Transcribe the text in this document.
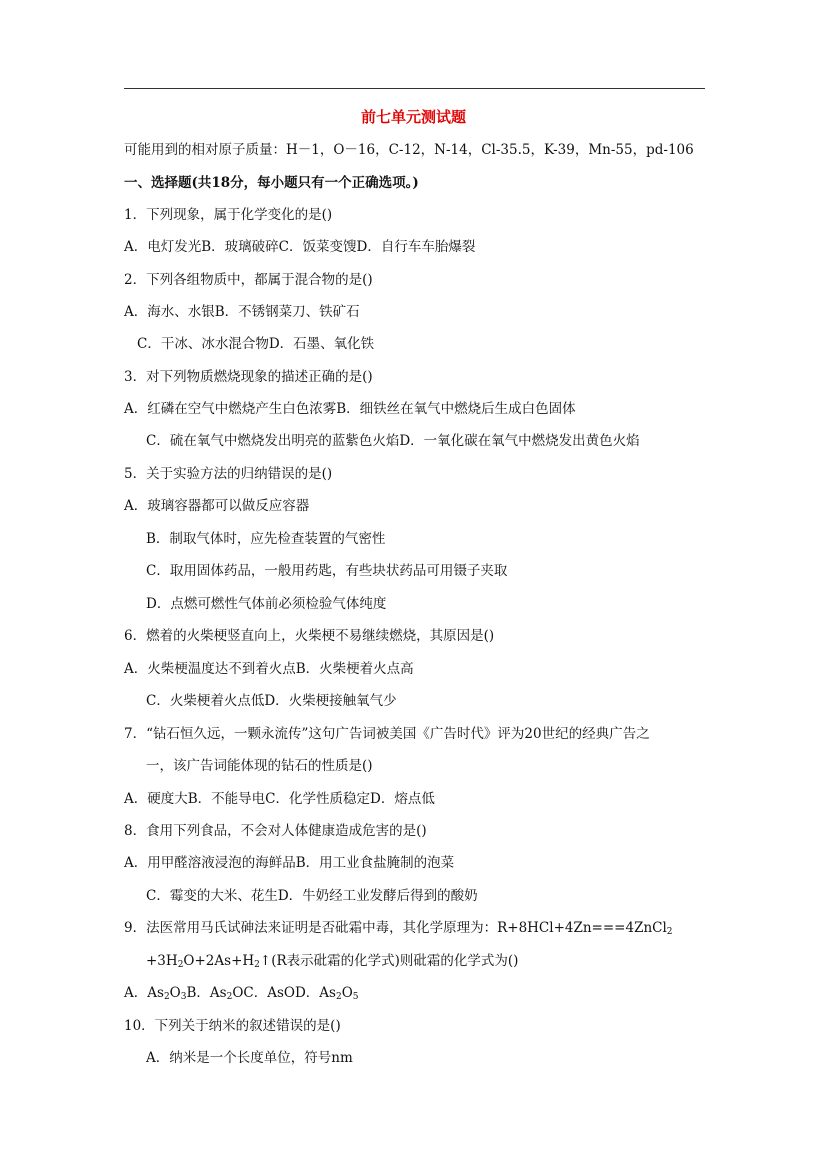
前七单元测试题
可能用到的相对原子质量：H－1，O－16，C-12，N-14，Cl-35.5，K-39，Mn-55，pd-106
一、选择题(共18分，每小题只有一个正确选项。)
1．下列现象，属于化学变化的是()
A．电灯发光B．玻璃破碎C．饭菜变馊D．自行车车胎爆裂
2．下列各组物质中，都属于混合物的是()
A．海水、水银B．不锈钢菜刀、铁矿石
C．干冰、冰水混合物D．石墨、氧化铁
3．对下列物质燃烧现象的描述正确的是()
A．红磷在空气中燃烧产生白色浓雾B．细铁丝在氧气中燃烧后生成白色固体
C．硫在氧气中燃烧发出明亮的蓝紫色火焰D．一氧化碳在氧气中燃烧发出黄色火焰
5．关于实验方法的归纳错误的是()
A．玻璃容器都可以做反应容器
B．制取气体时，应先检查装置的气密性
C．取用固体药品，一般用药匙，有些块状药品可用镊子夹取
D．点燃可燃性气体前必须检验气体纯度
6．燃着的火柴梗竖直向上，火柴梗不易继续燃烧，其原因是()
A．火柴梗温度达不到着火点B．火柴梗着火点高
C．火柴梗着火点低D．火柴梗接触氧气少
7．“钻石恒久远，一颗永流传”这句广告词被美国《广告时代》评为20世纪的经典广告之
一，该广告词能体现的钻石的性质是()
A．硬度大B．不能导电C．化学性质稳定D．熔点低
8．食用下列食品，不会对人体健康造成危害的是()
A．用甲醛溶液浸泡的海鲜品B．用工业食盐腌制的泡菜
C．霉变的大米、花生D．牛奶经工业发酵后得到的酸奶
9．法医常用马氏试砷法来证明是否砒霜中毒，其化学原理为：R+8HCl+4Zn===4ZnCl$_2$
$+3H_2O+2As+H_2↑(R$表示砒霜的化学式)则砒霜的化学式为()
A．$As_2O_3B$．$As_2OC$．AsOD．$As_2O_5$
10．下列关于纳米的叙述错误的是()
A．纳米是一个长度单位，符号nm
